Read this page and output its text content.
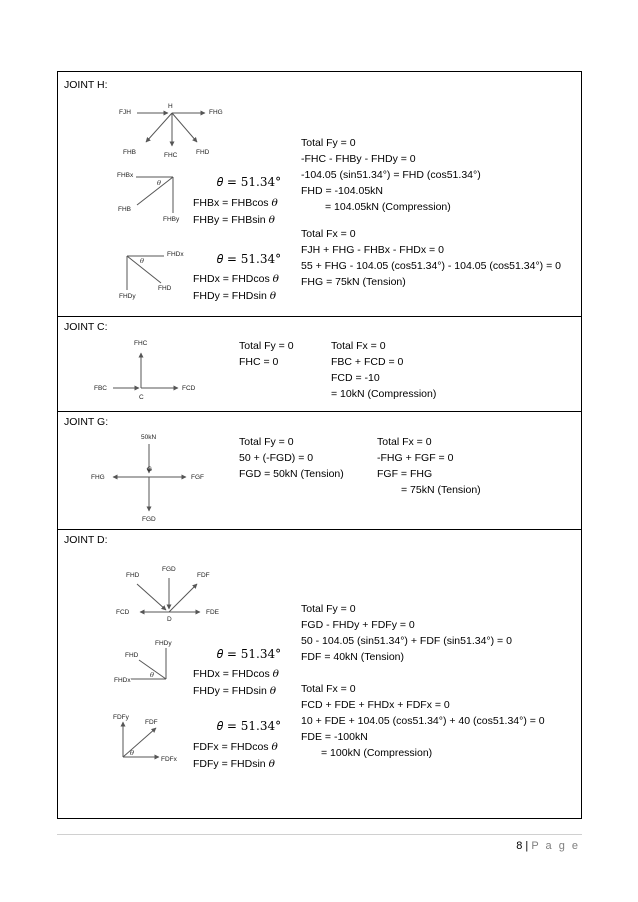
JOINT H:
H
FJH	FHG
FHB	FHC	FHD
FHBx
𝜃
FHB
FHBy
FHDx
𝜃
FHD
FHDy
𝜃 = 51.34°
FHBx = FHBcos 𝜃
FHBy = FHBsin 𝜃
𝜃 = 51.34°
FHDx = FHDcos 𝜃
FHDy = FHDsin 𝜃
Total Fy = 0
-FHC - FHBy - FHDy = 0
-104.05 (sin51.34°) = FHD (cos51.34°)
FHD = -104.05kN
= 104.05kN (Compression)
Total Fx = 0
FJH + FHG - FHBx - FHDx = 0
55 + FHG - 104.05 (cos51.34°) - 104.05 (cos51.34°) = 0
FHG = 75kN (Tension)
JOINT C:
FHC
FBC	FCD
C
Total Fy = 0
FHC = 0
Total Fx = 0
FBC + FCD = 0
FCD = -10
= 10kN (Compression)
JOINT G:
50kN
G
FHG	FGF
FGD
Total Fy = 0
50 + (-FGD) = 0
FGD = 50kN (Tension)
Total Fx = 0
-FHG + FGF = 0
FGF = FHG
= 75kN (Tension)
JOINT D:
FHD
FGD
FDF
FCD
D
FDE
FHDy
FHD
FHDx
𝜃
FDFy
FDF
𝜃
FDFx
𝜃 = 51.34°
FHDx = FHDcos 𝜃
FHDy = FHDsin 𝜃
𝜃 = 51.34°
FDFx = FHDcos 𝜃
FDFy = FHDsin 𝜃
Total Fy = 0
FGD - FHDy + FDFy = 0
50 - 104.05 (sin51.34°) + FDF (sin51.34°) = 0
FDF = 40kN (Tension)
Total Fx = 0
FCD + FDE + FHDx + FDFx = 0
10 + FDE + 104.05 (cos51.34°) + 40 (cos51.34°) = 0
FDE = -100kN
= 100kN (Compression)
8 | P a g e
